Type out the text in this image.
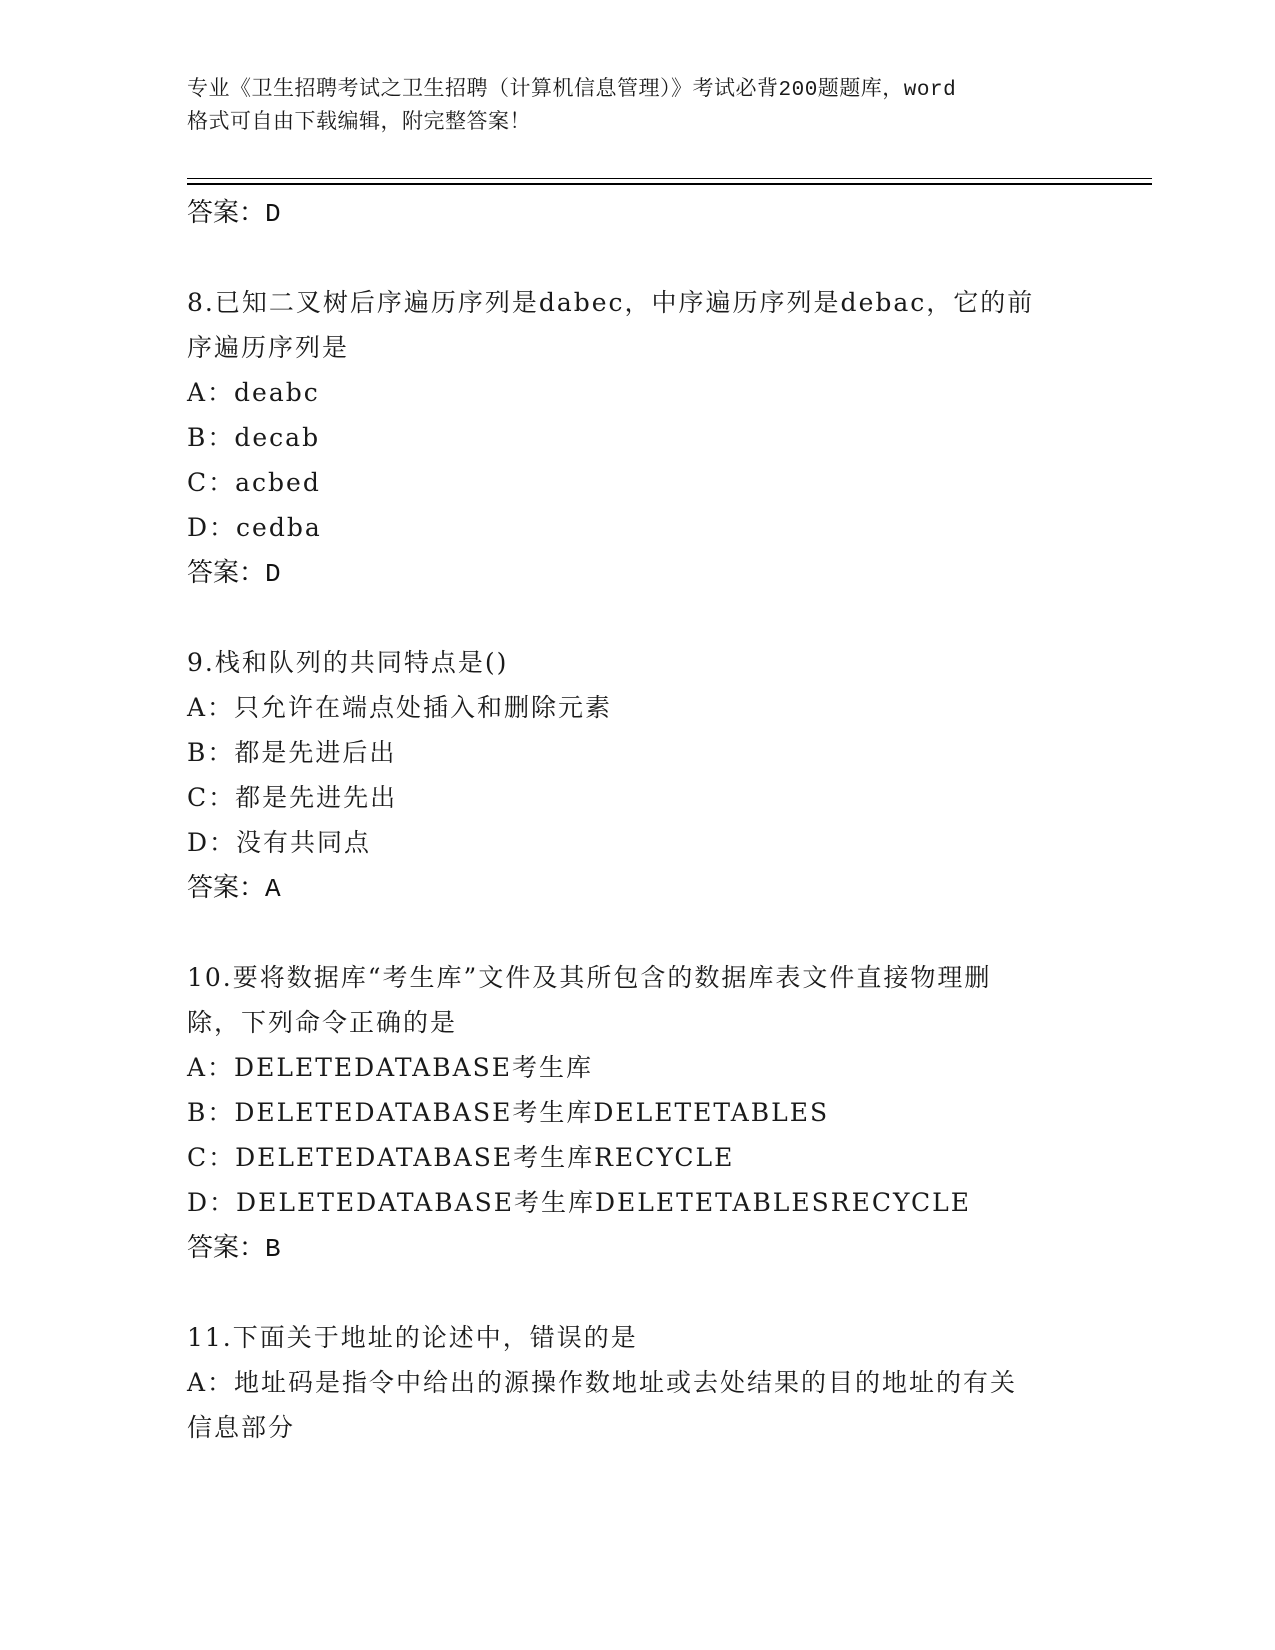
专业《卫生招聘考试之卫生招聘（计算机信息管理）》考试必背200题题库，word
格式可自由下载编辑，附完整答案！
答案：D
8.已知二叉树后序遍历序列是dabec，中序遍历序列是debac，它的前
序遍历序列是
A：deabc
B：decab
C：acbed
D：cedba
答案：D
9.栈和队列的共同特点是()
A：只允许在端点处插入和删除元素
B：都是先进后出
C：都是先进先出
D：没有共同点
答案：A
10.要将数据库“考生库”文件及其所包含的数据库表文件直接物理删
除，下列命令正确的是
A：DELETEDATABASE考生库
B：DELETEDATABASE考生库DELETETABLES
C：DELETEDATABASE考生库RECYCLE
D：DELETEDATABASE考生库DELETETABLESRECYCLE
答案：B
11.下面关于地址的论述中，错误的是
A：地址码是指令中给出的源操作数地址或去处结果的目的地址的有关
信息部分
